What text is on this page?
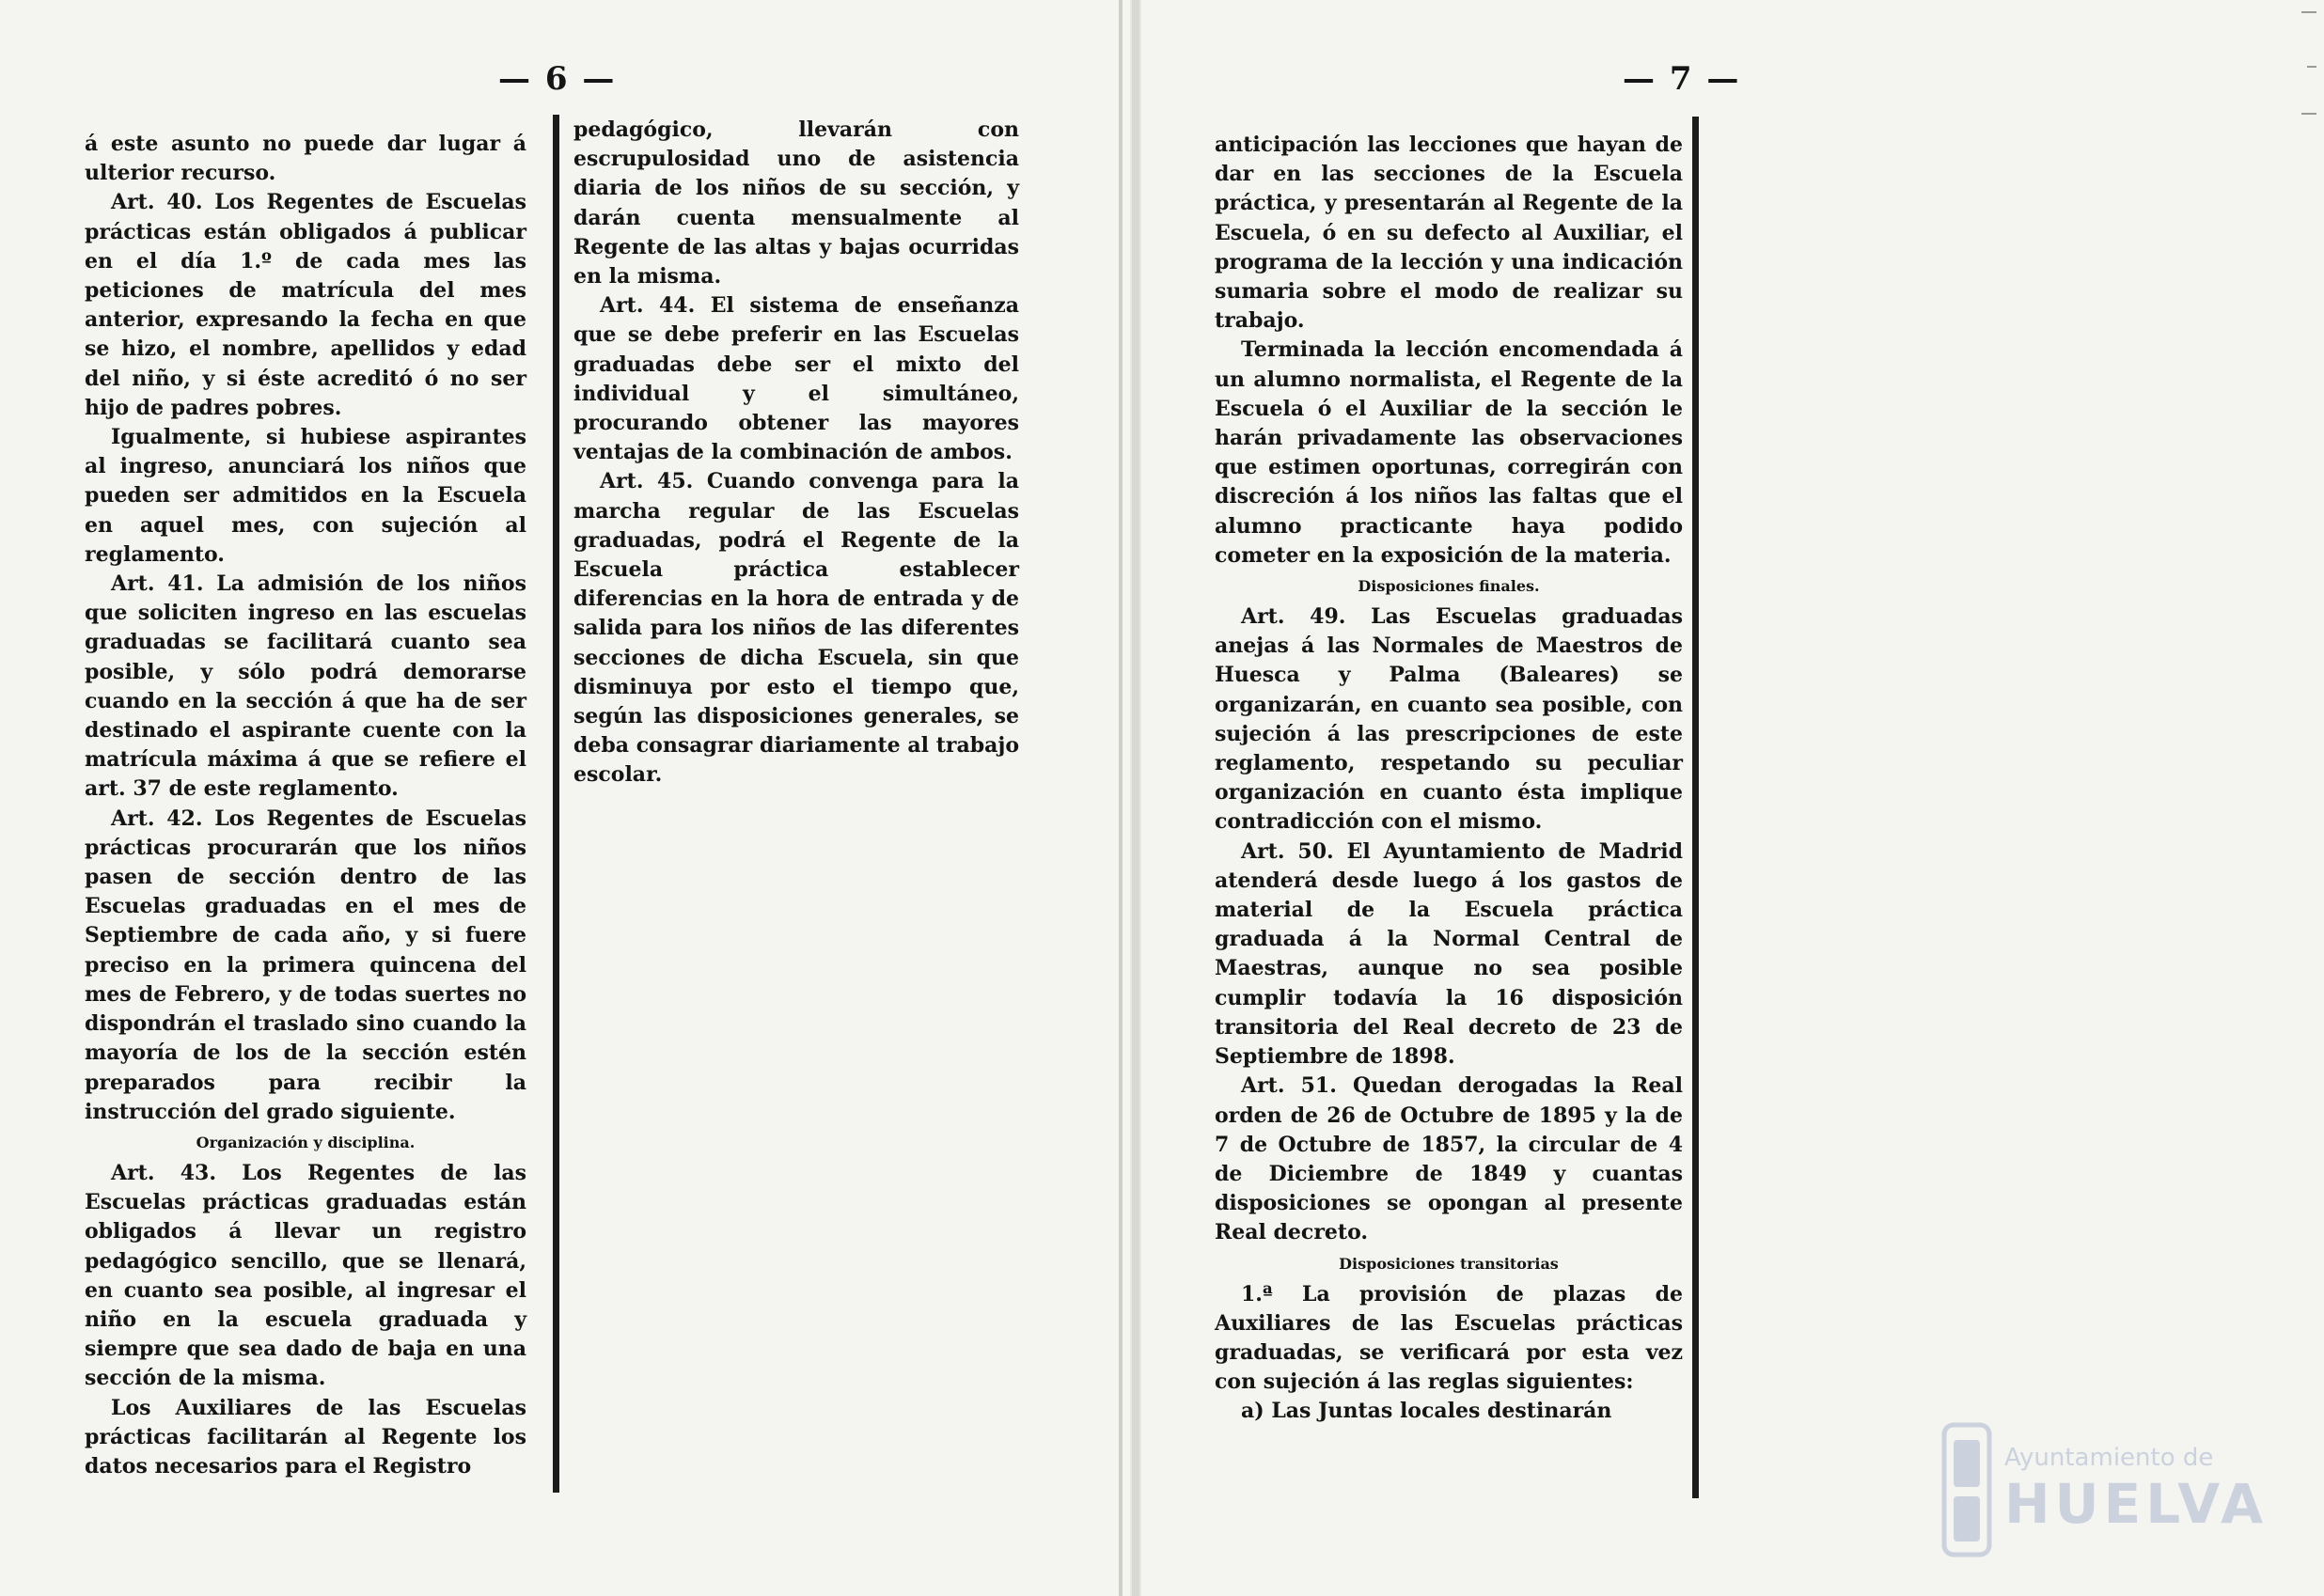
— 6 —

á este asunto no puede dar lugar á ulterior recurso.

Art. 40. Los Regentes de Escuelas prácticas están obligados á publicar en el día 1.º de cada mes las peticiones de matrícula del mes anterior, expresando la fecha en que se hizo, el nombre, apellidos y edad del niño, y si éste acreditó ó no ser hijo de padres pobres.

Igualmente, si hubiese aspirantes al ingreso, anunciará los niños que pueden ser admitidos en la Escuela en aquel mes, con sujeción al reglamento.

Art. 41. La admisión de los niños que soliciten ingreso en las escuelas graduadas se facilitará cuanto sea posible, y sólo podrá demorarse cuando en la sección á que ha de ser destinado el aspirante cuente con la matrícula máxima á que se refiere el art. 37 de este reglamento.

Art. 42. Los Regentes de Escuelas prácticas procurarán que los niños pasen de sección dentro de las Escuelas graduadas en el mes de Septiembre de cada año, y si fuere preciso en la primera quincena del mes de Febrero, y de todas suertes no dispondrán el traslado sino cuando la mayoría de los de la sección estén preparados para recibir la instrucción del grado siguiente.

Organización y disciplina.

Art. 43. Los Regentes de las Escuelas prácticas graduadas están obligados á llevar un registro pedagógico sencillo, que se llenará, en cuanto sea posible, al ingresar el niño en la escuela graduada y siempre que sea dado de baja en una sección de la misma.

Los Auxiliares de las Escuelas prácticas facilitarán al Regente los datos necesarios para el Registro

pedagógico, llevarán con escrupulosidad uno de asistencia diaria de los niños de su sección, y darán cuenta mensualmente al Regente de las altas y bajas ocurridas en la misma.

Art. 44. El sistema de enseñanza que se debe preferir en las Escuelas graduadas debe ser el mixto del individual y el simultáneo, procurando obtener las mayores ventajas de la combinación de ambos.

Art. 45. Cuando convenga para la marcha regular de las Escuelas graduadas, podrá el Regente de la Escuela práctica establecer diferencias en la hora de entrada y de salida para los niños de las diferentes secciones de dicha Escuela, sin que disminuya por esto el tiempo que, según las disposiciones generales, se deba consagrar diariamente al trabajo escolar.

— 7 —

anticipación las lecciones que hayan de dar en las secciones de la Escuela práctica, y presentarán al Regente de la Escuela, ó en su defecto al Auxiliar, el programa de la lección y una indicación sumaria sobre el modo de realizar su trabajo.

Terminada la lección encomendada á un alumno normalista, el Regente de la Escuela ó el Auxiliar de la sección le harán privadamente las observaciones que estimen oportunas, corregirán con discreción á los niños las faltas que el alumno practicante haya podido cometer en la exposición de la materia.

Disposiciones finales.

Art. 49. Las Escuelas graduadas anejas á las Normales de Maestros de Huesca y Palma (Baleares) se organizarán, en cuanto sea posible, con sujeción á las prescripciones de este reglamento, respetando su peculiar organización en cuanto ésta implique contradicción con el mismo.

Art. 50. El Ayuntamiento de Madrid atenderá desde luego á los gastos de material de la Escuela práctica graduada á la Normal Central de Maestras, aunque no sea posible cumplir todavía la 16 disposición transitoria del Real decreto de 23 de Septiembre de 1898.

Art. 51. Quedan derogadas la Real orden de 26 de Octubre de 1895 y la de 7 de Octubre de 1857, la circular de 4 de Diciembre de 1849 y cuantas disposiciones se opongan al presente Real decreto.

Disposiciones transitorias

1.ª La provisión de plazas de Auxiliares de las Escuelas prácticas graduadas, se verificará por esta vez con sujeción á las reglas siguientes:

a) Las Juntas locales destinarán

Ayuntamiento de
HUELVA
